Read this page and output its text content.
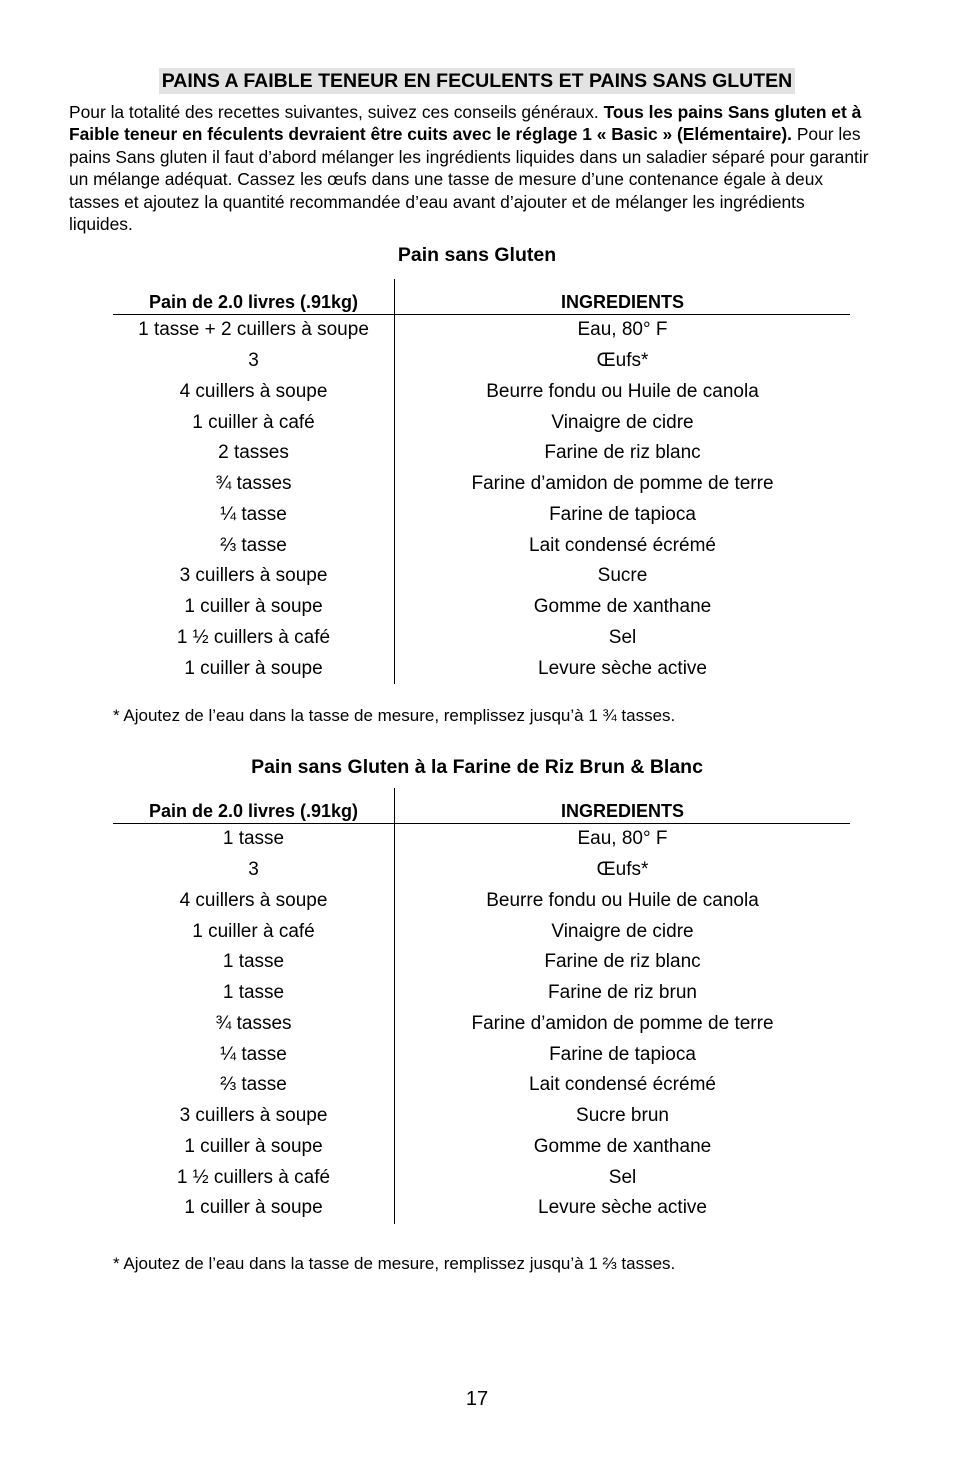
PAINS A FAIBLE TENEUR EN FECULENTS ET PAINS SANS GLUTEN
Pour la totalité des recettes suivantes, suivez ces conseils généraux. Tous les pains Sans gluten et à Faible teneur en féculents devraient être cuits avec le réglage 1 « Basic » (Elémentaire). Pour les pains Sans gluten il faut d’abord mélanger les ingrédients liquides dans un saladier séparé pour garantir un mélange adéquat. Cassez les œufs dans une tasse de mesure d’une contenance égale à deux tasses et ajoutez la quantité recommandée d’eau avant d’ajouter et de mélanger les ingrédients liquides.
Pain sans Gluten
Pain de 2.0 livres (.91kg)	INGREDIENTS
1 tasse + 2 cuillers à soupe	Eau, 80° F
3	Œufs*
4 cuillers à soupe	Beurre fondu ou Huile de canola
1 cuiller à café	Vinaigre de cidre
2 tasses	Farine de riz blanc
¾ tasses	Farine d’amidon de pomme de terre
¼ tasse	Farine de tapioca
⅔ tasse	Lait condensé écrémé
3 cuillers à soupe	Sucre
1 cuiller à soupe	Gomme de xanthane
1 ½ cuillers à café	Sel
1 cuiller à soupe	Levure sèche active
* Ajoutez de l’eau dans la tasse de mesure, remplissez jusqu’à 1 ¾ tasses.
Pain sans Gluten à la Farine de Riz Brun & Blanc
Pain de 2.0 livres (.91kg)	INGREDIENTS
1 tasse	Eau, 80° F
3	Œufs*
4 cuillers à soupe	Beurre fondu ou Huile de canola
1 cuiller à café	Vinaigre de cidre
1 tasse	Farine de riz blanc
1 tasse	Farine de riz brun
¾ tasses	Farine d’amidon de pomme de terre
¼ tasse	Farine de tapioca
⅔ tasse	Lait condensé écrémé
3 cuillers à soupe	Sucre brun
1 cuiller à soupe	Gomme de xanthane
1 ½ cuillers à café	Sel
1 cuiller à soupe	Levure sèche active
* Ajoutez de l’eau dans la tasse de mesure, remplissez jusqu’à 1 ⅔ tasses.
17
